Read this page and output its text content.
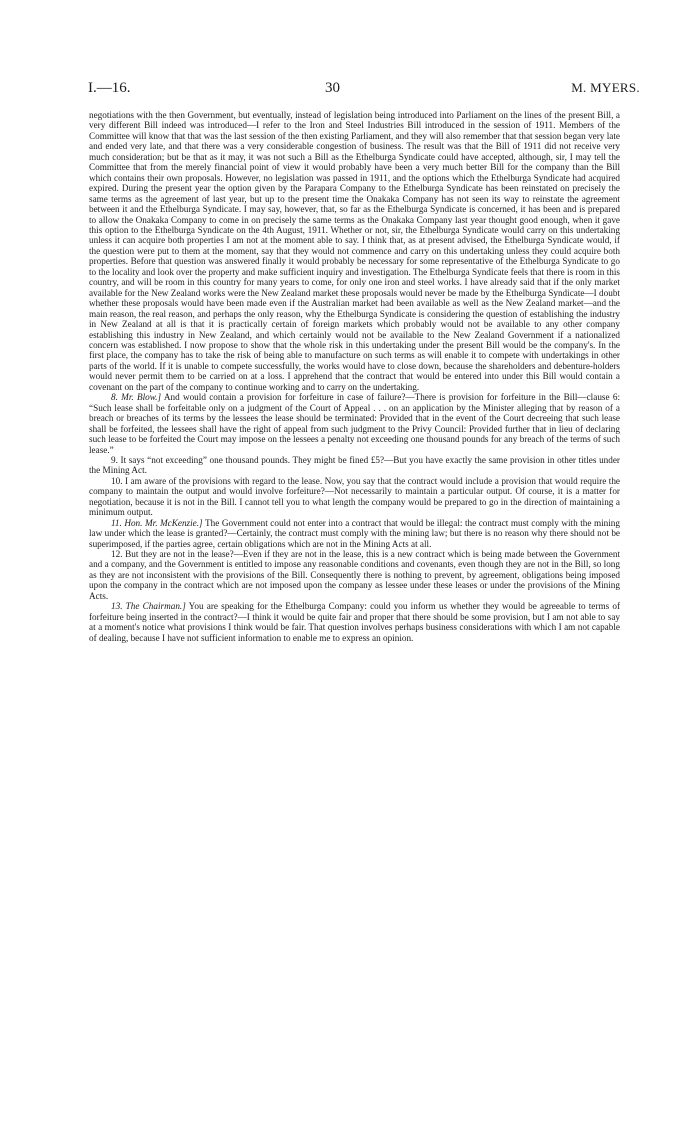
I.—16.	30	M. MYERS.

negotiations with the then Government, but eventually, instead of legislation being introduced into Parliament on the lines of the present Bill, a very different Bill indeed was introduced—I refer to the Iron and Steel Industries Bill introduced in the session of 1911. Members of the Committee will know that that was the last session of the then existing Parliament, and they will also remember that that session began very late and ended very late, and that there was a very considerable congestion of business. The result was that the Bill of 1911 did not receive very much consideration; but be that as it may, it was not such a Bill as the Ethelburga Syndicate could have accepted, although, sir, I may tell the Committee that from the merely financial point of view it would probably have been a very much better Bill for the company than the Bill which contains their own proposals. However, no legislation was passed in 1911, and the options which the Ethelburga Syndicate had acquired expired. During the present year the option given by the Parapara Company to the Ethelburga Syndicate has been reinstated on precisely the same terms as the agreement of last year, but up to the present time the Onakaka Company has not seen its way to reinstate the agreement between it and the Ethelburga Syndicate. I may say, however, that, so far as the Ethelburga Syndicate is concerned, it has been and is prepared to allow the Onakaka Company to come in on precisely the same terms as the Onakaka Company last year thought good enough, when it gave this option to the Ethelburga Syndicate on the 4th August, 1911. Whether or not, sir, the Ethelburga Syndicate would carry on this undertaking unless it can acquire both properties I am not at the moment able to say. I think that, as at present advised, the Ethelburga Syndicate would, if the question were put to them at the moment, say that they would not commence and carry on this undertaking unless they could acquire both properties. Before that question was answered finally it would probably be necessary for some representative of the Ethelburga Syndicate to go to the locality and look over the property and make sufficient inquiry and investigation. The Ethelburga Syndicate feels that there is room in this country, and will be room in this country for many years to come, for only one iron and steel works. I have already said that if the only market available for the New Zealand works were the New Zealand market these proposals would never be made by the Ethelburga Syndicate—I doubt whether these proposals would have been made even if the Australian market had been available as well as the New Zealand market—and the main reason, the real reason, and perhaps the only reason, why the Ethelburga Syndicate is considering the question of establishing the industry in New Zealand at all is that it is practically certain of foreign markets which probably would not be available to any other company establishing this industry in New Zealand, and which certainly would not be available to the New Zealand Government if a nationalized concern was established. I now propose to show that the whole risk in this undertaking under the present Bill would be the company's. In the first place, the company has to take the risk of being able to manufacture on such terms as will enable it to compete with undertakings in other parts of the world. If it is unable to compete successfully, the works would have to close down, because the shareholders and debenture-holders would never permit them to be carried on at a loss. I apprehend that the contract that would be entered into under this Bill would contain a covenant on the part of the company to continue working and to carry on the undertaking.

8. Mr. Blow.] And would contain a provision for forfeiture in case of failure?—There is provision for forfeiture in the Bill—clause 6: “Such lease shall be forfeitable only on a judgment of the Court of Appeal . . . on an application by the Minister alleging that by reason of a breach or breaches of its terms by the lessees the lease should be terminated: Provided that in the event of the Court decreeing that such lease shall be forfeited, the lessees shall have the right of appeal from such judgment to the Privy Council: Provided further that in lieu of declaring such lease to be forfeited the Court may impose on the lessees a penalty not exceeding one thousand pounds for any breach of the terms of such lease.”

9. It says “not exceeding” one thousand pounds. They might be fined £5?—But you have exactly the same provision in other titles under the Mining Act.

10. I am aware of the provisions with regard to the lease. Now, you say that the contract would include a provision that would require the company to maintain the output and would involve forfeiture?—Not necessarily to maintain a particular output. Of course, it is a matter for negotiation, because it is not in the Bill. I cannot tell you to what length the company would be prepared to go in the direction of maintaining a minimum output.

11. Hon. Mr. McKenzie.] The Government could not enter into a contract that would be illegal: the contract must comply with the mining law under which the lease is granted?—Certainly, the contract must comply with the mining law; but there is no reason why there should not be superimposed, if the parties agree, certain obligations which are not in the Mining Acts at all.

12. But they are not in the lease?—Even if they are not in the lease, this is a new contract which is being made between the Government and a company, and the Government is entitled to impose any reasonable conditions and covenants, even though they are not in the Bill, so long as they are not inconsistent with the provisions of the Bill. Consequently there is nothing to prevent, by agreement, obligations being imposed upon the company in the contract which are not imposed upon the company as lessee under these leases or under the provisions of the Mining Acts.

13. The Chairman.] You are speaking for the Ethelburga Company: could you inform us whether they would be agreeable to terms of forfeiture being inserted in the contract?—I think it would be quite fair and proper that there should be some provision, but I am not able to say at a moment's notice what provisions I think would be fair. That question involves perhaps business considerations with which I am not capable of dealing, because I have not sufficient information to enable me to express an opinion.
